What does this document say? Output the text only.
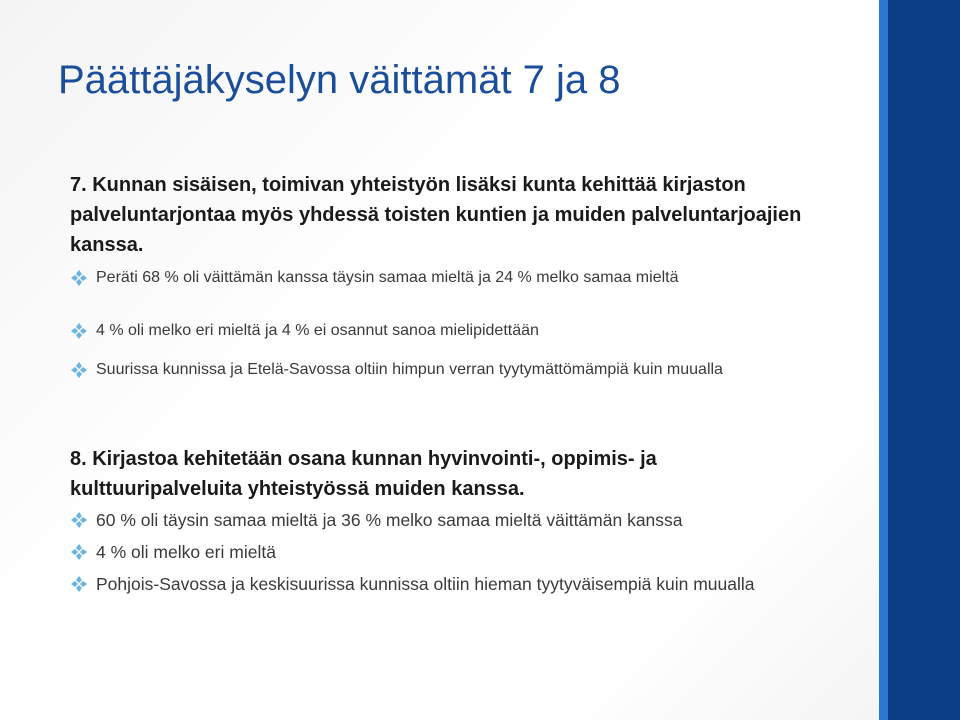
Päättäjäkyselyn väittämät 7 ja 8

7. Kunnan sisäisen, toimivan yhteistyön lisäksi kunta kehittää kirjaston palveluntarjontaa myös yhdessä toisten kuntien ja muiden palveluntarjoajien kanssa.

Peräti 68 % oli väittämän kanssa täysin samaa mieltä ja 24 % melko samaa mieltä
4 % oli melko eri mieltä ja 4 % ei osannut sanoa mielipidettään
Suurissa kunnissa ja Etelä-Savossa oltiin himpun verran tyytymättömämpiä kuin muualla

8. Kirjastoa kehitetään osana kunnan hyvinvointi-, oppimis- ja kulttuuripalveluita yhteistyössä muiden kanssa.

60 % oli täysin samaa mieltä ja 36 % melko samaa mieltä väittämän kanssa
4 % oli melko eri mieltä
Pohjois-Savossa ja keskisuurissa kunnissa oltiin hieman tyytyväisempiä kuin muualla
